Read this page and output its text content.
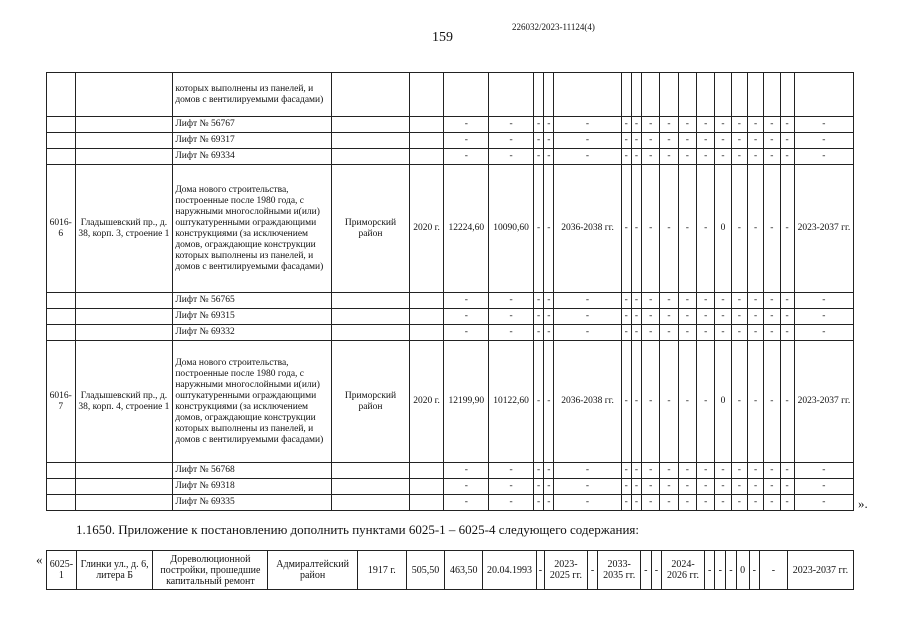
226032/2023-11124(4)
159
		которых выполнены из панелей, и домов с вентилируемыми фасадами)																			
		Лифт № 56767			-	-	-	-	-	-	-	-	-	-	-	-	-	-	-	-	-
		Лифт № 69317			-	-	-	-	-	-	-	-	-	-	-	-	-	-	-	-	-
		Лифт № 69334			-	-	-	-	-	-	-	-	-	-	-	-	-	-	-	-	-
6016-6	Гладышевский пр., д. 38, корп. 3, строение 1	Дома нового строительства, построенные после 1980 года, с наружными многослойными и(или) оштукатуренными ограждающими конструкциями (за исключением домов, ограждающие конструкции которых выполнены из панелей, и домов с вентилируемыми фасадами)	Приморский район	2020 г.	12224,60	10090,60	-	-	2036-2038 гг.	-	-	-	-	-	-	0	-	-	-	-	2023-2037 гг.
		Лифт № 56765			-	-	-	-	-	-	-	-	-	-	-	-	-	-	-	-	-
		Лифт № 69315			-	-	-	-	-	-	-	-	-	-	-	-	-	-	-	-	-
		Лифт № 69332			-	-	-	-	-	-	-	-	-	-	-	-	-	-	-	-	-
6016-7	Гладышевский пр., д. 38, корп. 4, строение 1	Дома нового строительства, построенные после 1980 года, с наружными многослойными и(или) оштукатуренными ограждающими конструкциями (за исключением домов, ограждающие конструкции которых выполнены из панелей, и домов с вентилируемыми фасадами)	Приморский район	2020 г.	12199,90	10122,60	-	-	2036-2038 гг.	-	-	-	-	-	-	0	-	-	-	-	2023-2037 гг.
		Лифт № 56768			-	-	-	-	-	-	-	-	-	-	-	-	-	-	-	-	-
		Лифт № 69318			-	-	-	-	-	-	-	-	-	-	-	-	-	-	-	-	-
		Лифт № 69335			-	-	-	-	-	-	-	-	-	-	-	-	-	-	-	-	-	».
1.1650. Приложение к постановлению дополнить пунктами 6025-1 – 6025-4 следующего содержания:
« 6025-1	Глинки ул., д. 6, литера Б	Дореволюционной постройки, прошедшие капитальный ремонт	Адмиралтейский район	1917 г.	505,50	463,50	20.04.1993	-	2023-2025 гг.	-	2033-2035 гг.	-	-	2024-2026 гг.	-	-	-	0	-	-	2023-2037 гг.
